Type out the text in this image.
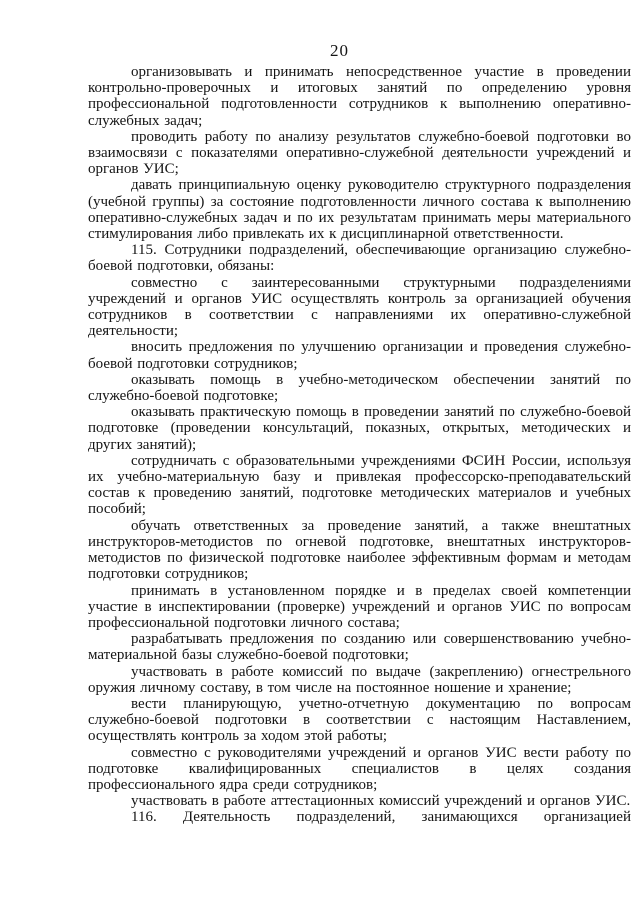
20

организовывать и принимать непосредственное участие в проведении контрольно-проверочных и итоговых занятий по определению уровня профессиональной подготовленности сотрудников к выполнению оперативно-служебных задач;

проводить работу по анализу результатов служебно-боевой подготовки во взаимосвязи с показателями оперативно-служебной деятельности учреждений и органов УИС;

давать принципиальную оценку руководителю структурного подразделения (учебной группы) за состояние подготовленности личного состава к выполнению оперативно-служебных задач и по их результатам принимать меры материального стимулирования либо привлекать их к дисциплинарной ответственности.

115. Сотрудники подразделений, обеспечивающие организацию служебно-боевой подготовки, обязаны:

совместно с заинтересованными структурными подразделениями учреждений и органов УИС осуществлять контроль за организацией обучения сотрудников в соответствии с направлениями их оперативно-служебной деятельности;

вносить предложения по улучшению организации и проведения служебно-боевой подготовки сотрудников;

оказывать помощь в учебно-методическом обеспечении занятий по служебно-боевой подготовке;

оказывать практическую помощь в проведении занятий по служебно-боевой подготовке (проведении консультаций, показных, открытых, методических и других занятий);

сотрудничать с образовательными учреждениями ФСИН России, используя их учебно-материальную базу и привлекая профессорско-преподавательский состав к проведению занятий, подготовке методических материалов и учебных пособий;

обучать ответственных за проведение занятий, а также внештатных инструкторов-методистов по огневой подготовке, внештатных инструкторов-методистов по физической подготовке наиболее эффективным формам и методам подготовки сотрудников;

принимать в установленном порядке и в пределах своей компетенции участие в инспектировании (проверке) учреждений и органов УИС по вопросам профессиональной подготовки личного состава;

разрабатывать предложения по созданию или совершенствованию учебно-материальной базы служебно-боевой подготовки;

участвовать в работе комиссий по выдаче (закреплению) огнестрельного оружия личному составу, в том числе на постоянное ношение и хранение;

вести планирующую, учетно-отчетную документацию по вопросам служебно-боевой подготовки в соответствии с настоящим Наставлением, осуществлять контроль за ходом этой работы;

совместно с руководителями учреждений и органов УИС вести работу по подготовке квалифицированных специалистов в целях создания профессионального ядра среди сотрудников;

участвовать в работе аттестационных комиссий учреждений и органов УИС.

116. Деятельность подразделений, занимающихся организацией
